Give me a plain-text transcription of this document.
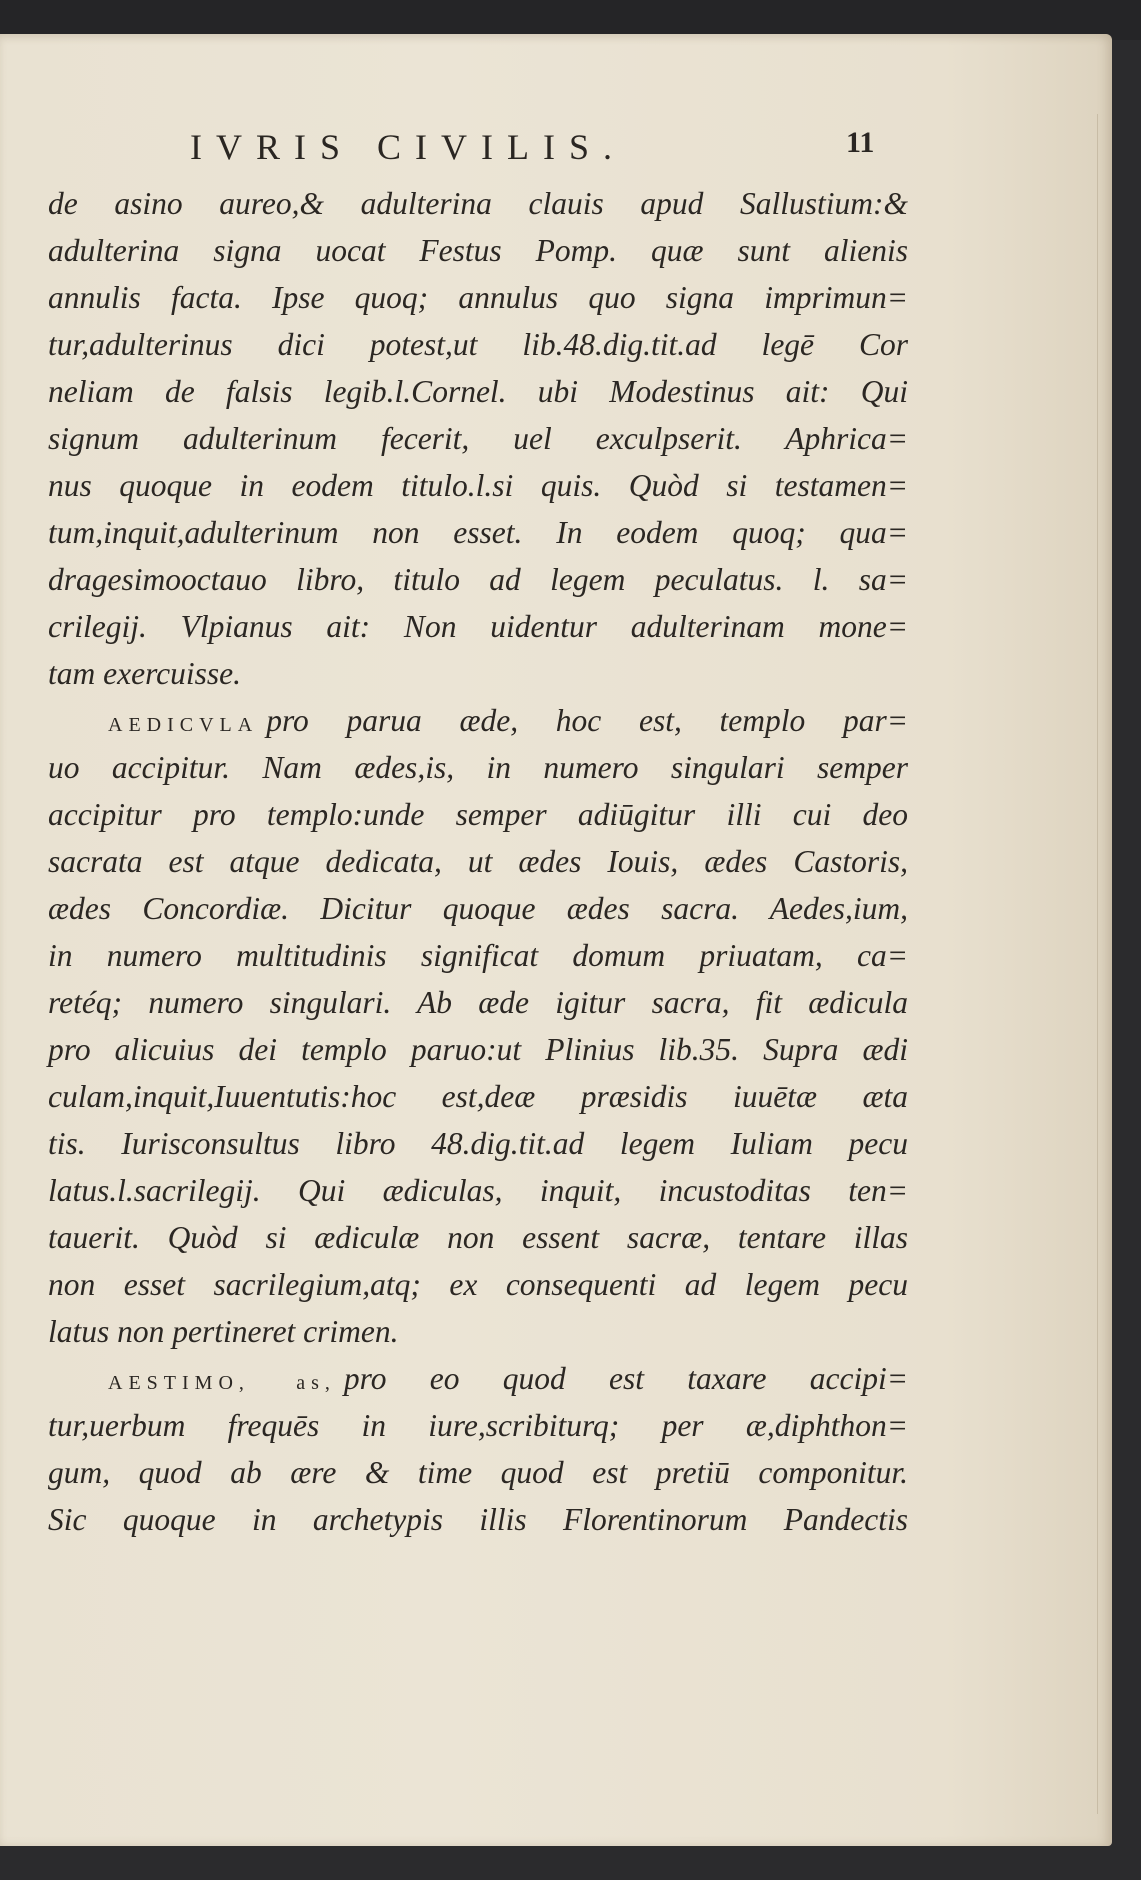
IVRIS CIVILIS.	11
de asino aureo,& adulterina clauis apud Sallustium:&
adulterina signa uocat Festus Pomp. quæ sunt alienis
annulis facta. Ipse quoq; annulus quo signa imprimun=
tur,adulterinus dici potest,ut lib.48.dig.tit.ad legē Cor
neliam de falsis legib.l.Cornel. ubi Modestinus ait: Qui
signum adulterinum fecerit, uel exculpserit. Aphrica=
nus quoque in eodem titulo.l.si quis. Quòd si testamen=
tum,inquit,adulterinum non esset. In eodem quoq; qua=
dragesimooctauo libro, titulo ad legem peculatus. l. sa=
crilegij. Vlpianus ait: Non uidentur adulterinam mone=
tam exercuisse.
AEDICVLA pro parua æde, hoc est, templo par=
uo accipitur. Nam ædes,is, in numero singulari semper
accipitur pro templo:unde semper adiūgitur illi cui deo
sacrata est atque dedicata, ut ædes Iouis, ædes Castoris,
ædes Concordiæ. Dicitur quoque ædes sacra. Aedes,ium,
in numero multitudinis significat domum priuatam, ca=
retéq; numero singulari. Ab æde igitur sacra, fit ædicula
pro alicuius dei templo paruo:ut Plinius lib.35. Supra ædi
culam,inquit,Iuuentutis:hoc est,deæ præsidis iuuētæ æta
tis. Iurisconsultus libro 48.dig.tit.ad legem Iuliam pecu
latus.l.sacrilegij. Qui ædiculas, inquit, incustoditas ten=
tauerit. Quòd si ædiculæ non essent sacræ, tentare illas
non esset sacrilegium,atq; ex consequenti ad legem pecu
latus non pertineret crimen.
AESTIMO, as, pro eo quod est taxare accipi=
tur,uerbum frequēs in iure,scribiturq; per æ,diphthon=
gum, quod ab ære & time quod est pretiū componitur.
Sic quoque in archetypis illis Florentinorum Pandectis
